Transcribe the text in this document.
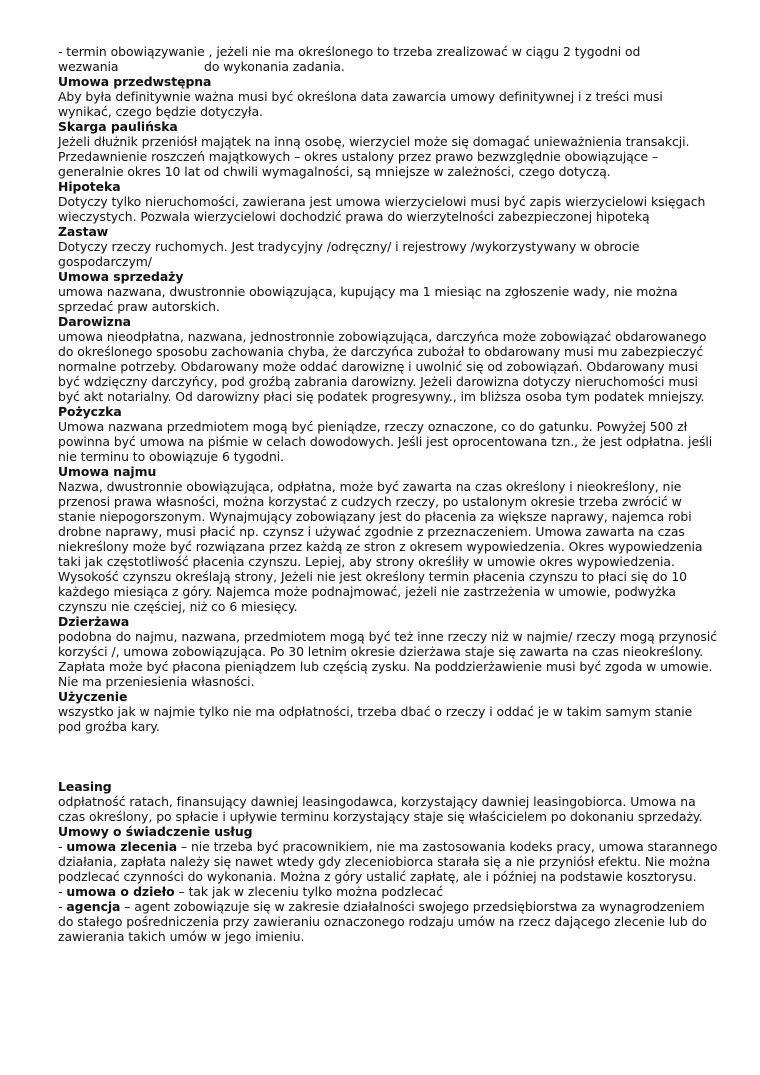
- termin obowiązywanie , jeżeli nie ma określonego to trzeba zrealizować w ciągu 2 tygodni od
wezwania	do wykonania zadania.

Umowa przedwstępna

Aby była definitywnie ważna musi być określona data zawarcia umowy definitywnej i z treści musi wynikać, czego będzie dotyczyła.

Skarga paulińska

Jeżeli dłużnik przeniósł majątek na inną osobę, wierzyciel może się domagać unieważnienia transakcji.

Przedawnienie roszczeń majątkowych – okres ustalony przez prawo bezwzględnie obowiązujące – generalnie okres 10 lat od chwili wymagalności, są mniejsze w zależności, czego dotyczą.

Hipoteka

Dotyczy tylko nieruchomości, zawierana jest umowa wierzycielowi musi być zapis wierzycielowi księgach wieczystych. Pozwala wierzycielowi dochodzić prawa do wierzytelności zabezpieczonej hipoteką

Zastaw

Dotyczy rzeczy ruchomych. Jest tradycyjny /odręczny/ i rejestrowy /wykorzystywany w obrocie gospodarczym/

Umowa sprzedaży

umowa nazwana, dwustronnie obowiązująca, kupujący ma 1 miesiąc na zgłoszenie wady, nie można sprzedać praw autorskich.

Darowizna

umowa nieodpłatna, nazwana, jednostronnie zobowiązująca, darczyńca może zobowiązać obdarowanego do określonego sposobu zachowania chyba, że darczyńca zubożał to obdarowany musi mu zabezpieczyć normalne potrzeby. Obdarowany może oddać darowiznę i uwolnić się od zobowiązań. Obdarowany musi być wdzięczny darczyńcy, pod groźbą zabrania darowizny. Jeżeli darowizna dotyczy nieruchomości musi być akt notarialny. Od darowizny płaci się podatek progresywny., im bliższa osoba tym podatek mniejszy.

Pożyczka

Umowa nazwana przedmiotem mogą być pieniądze, rzeczy oznaczone, co do gatunku. Powyżej 500 zł powinna być umowa na piśmie w celach dowodowych. Jeśli jest oprocentowana tzn., że jest odpłatna. jeśli nie terminu to obowiązuje 6 tygodni.

Umowa najmu

Nazwa, dwustronnie obowiązująca, odpłatna, może być zawarta na czas określony i nieokreślony, nie przenosi prawa własności, można korzystać z cudzych rzeczy, po ustalonym okresie trzeba zwrócić w stanie niepogorszonym. Wynajmujący zobowiązany jest do płacenia za większe naprawy, najemca robi drobne naprawy, musi płacić np. czynsz i używać zgodnie z przeznaczeniem. Umowa zawarta na czas niekreślony może być rozwiązana przez każdą ze stron z okresem wypowiedzenia. Okres wypowiedzenia taki jak częstotliwość płacenia czynszu. Lepiej, aby strony określiły w umowie okres wypowiedzenia. Wysokość czynszu określają strony, Jeżeli nie jest określony termin płacenia czynszu to płaci się do 10 każdego miesiąca z góry. Najemca może podnajmować, jeżeli nie zastrzeżenia w umowie, podwyżka czynszu nie częściej, niż co 6 miesięcy.

Dzierżawa

podobna do najmu, nazwana, przedmiotem mogą być też inne rzeczy niż w najmie/ rzeczy mogą przynosić korzyści /, umowa zobowiązująca. Po 30 letnim okresie dzierżawa staje się zawarta na czas nieokreślony. Zapłata może być płacona pieniądzem lub częścią zysku. Na poddzierżawienie musi być zgoda w umowie. Nie ma przeniesienia własności.

Użyczenie

wszystko jak w najmie tylko nie ma odpłatności, trzeba dbać o rzeczy i oddać je w takim samym stanie

pod groźba kary.

Leasing

odpłatność ratach, finansujący dawniej leasingodawca, korzystający dawniej leasingobiorca. Umowa na czas określony, po spłacie i upływie terminu korzystający staje się właścicielem po dokonaniu sprzedaży.

Umowy o świadczenie usług

- umowa zlecenia – nie trzeba być pracownikiem, nie ma zastosowania kodeks pracy, umowa starannego działania, zapłata należy się nawet wtedy gdy zleceniobiorca starała się a nie przyniósł efektu. Nie można podzlecać czynności do wykonania. Można z góry ustalić zapłatę, ale i później na podstawie kosztorysu.

- umowa o dzieło – tak jak w zleceniu tylko można podzlecać

- agencja – agent zobowiązuje się w zakresie działalności swojego przedsiębiorstwa za wynagrodzeniem do stałego pośredniczenia przy zawieraniu oznaczonego rodzaju umów na rzecz dającego zlecenie lub do zawierania takich umów w jego imieniu.
